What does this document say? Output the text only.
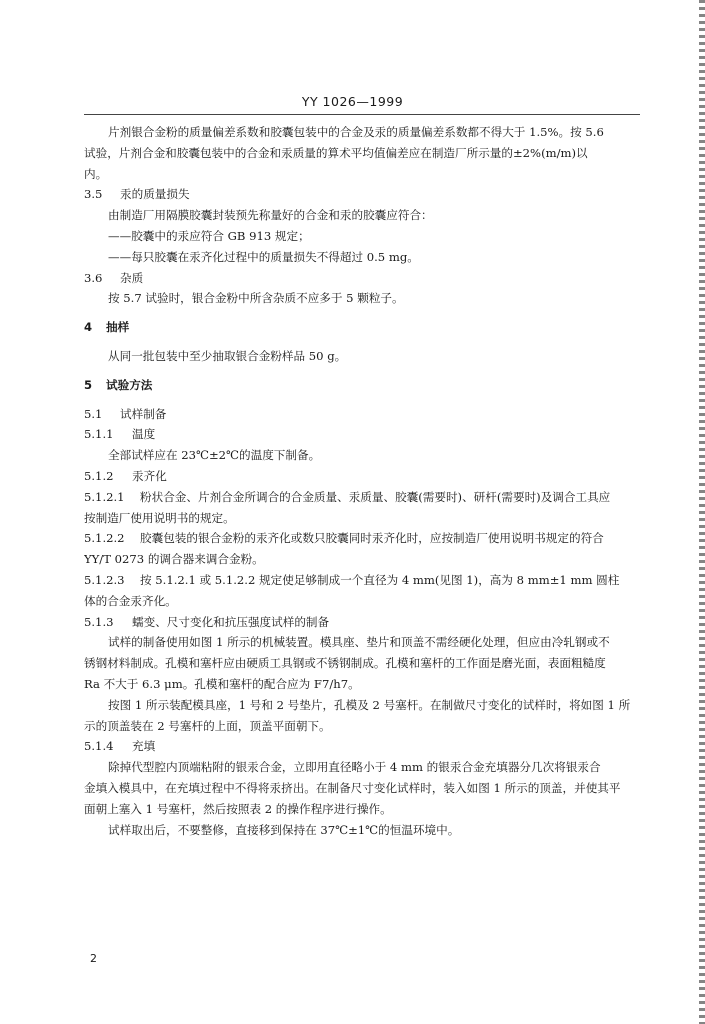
YY 1026—1999
片剂银合金粉的质量偏差系数和胶囊包装中的合金及汞的质量偏差系数都不得大于 1.5%。按 5.6
试验，片剂合金和胶囊包装中的合金和汞质量的算术平均值偏差应在制造厂所示量的±2%(m/m)以
内。
3.5 汞的质量损失
由制造厂用隔膜胶囊封装预先称量好的合金和汞的胶囊应符合：
——胶囊中的汞应符合 GB 913 规定；
——每只胶囊在汞齐化过程中的质量损失不得超过 0.5 mg。
3.6 杂质
按 5.7 试验时，银合金粉中所含杂质不应多于 5 颗粒子。
4 抽样
从同一批包装中至少抽取银合金粉样品 50 g。
5 试验方法
5.1 试样制备
5.1.1 温度
全部试样应在 23℃±2℃的温度下制备。
5.1.2 汞齐化
5.1.2.1 粉状合金、片剂合金所调合的合金质量、汞质量、胶囊(需要时)、研杆(需要时)及调合工具应
按制造厂使用说明书的规定。
5.1.2.2 胶囊包装的银合金粉的汞齐化或数只胶囊同时汞齐化时，应按制造厂使用说明书规定的符合
YY/T 0273 的调合器来调合金粉。
5.1.2.3 按 5.1.2.1 或 5.1.2.2 规定使足够制成一个直径为 4 mm(见图 1)，高为 8 mm±1 mm 圆柱
体的合金汞齐化。
5.1.3 蠕变、尺寸变化和抗压强度试样的制备
试样的制备使用如图 1 所示的机械装置。模具座、垫片和顶盖不需经硬化处理，但应由冷轧钢或不
锈钢材料制成。孔模和塞杆应由硬质工具钢或不锈钢制成。孔模和塞杆的工作面是磨光面，表面粗糙度
Ra 不大于 6.3 μm。孔模和塞杆的配合应为 F7/h7。
按图 1 所示装配模具座，1 号和 2 号垫片，孔模及 2 号塞杆。在制做尺寸变化的试样时，将如图 1 所
示的顶盖装在 2 号塞杆的上面，顶盖平面朝下。
5.1.4 充填
除掉代型腔内顶端粘附的银汞合金，立即用直径略小于 4 mm 的银汞合金充填器分几次将银汞合
金填入模具中，在充填过程中不得将汞挤出。在制备尺寸变化试样时，装入如图 1 所示的顶盖，并使其平
面朝上塞入 1 号塞杆，然后按照表 2 的操作程序进行操作。
试样取出后，不要整修，直接移到保持在 37℃±1℃的恒温环境中。
2
